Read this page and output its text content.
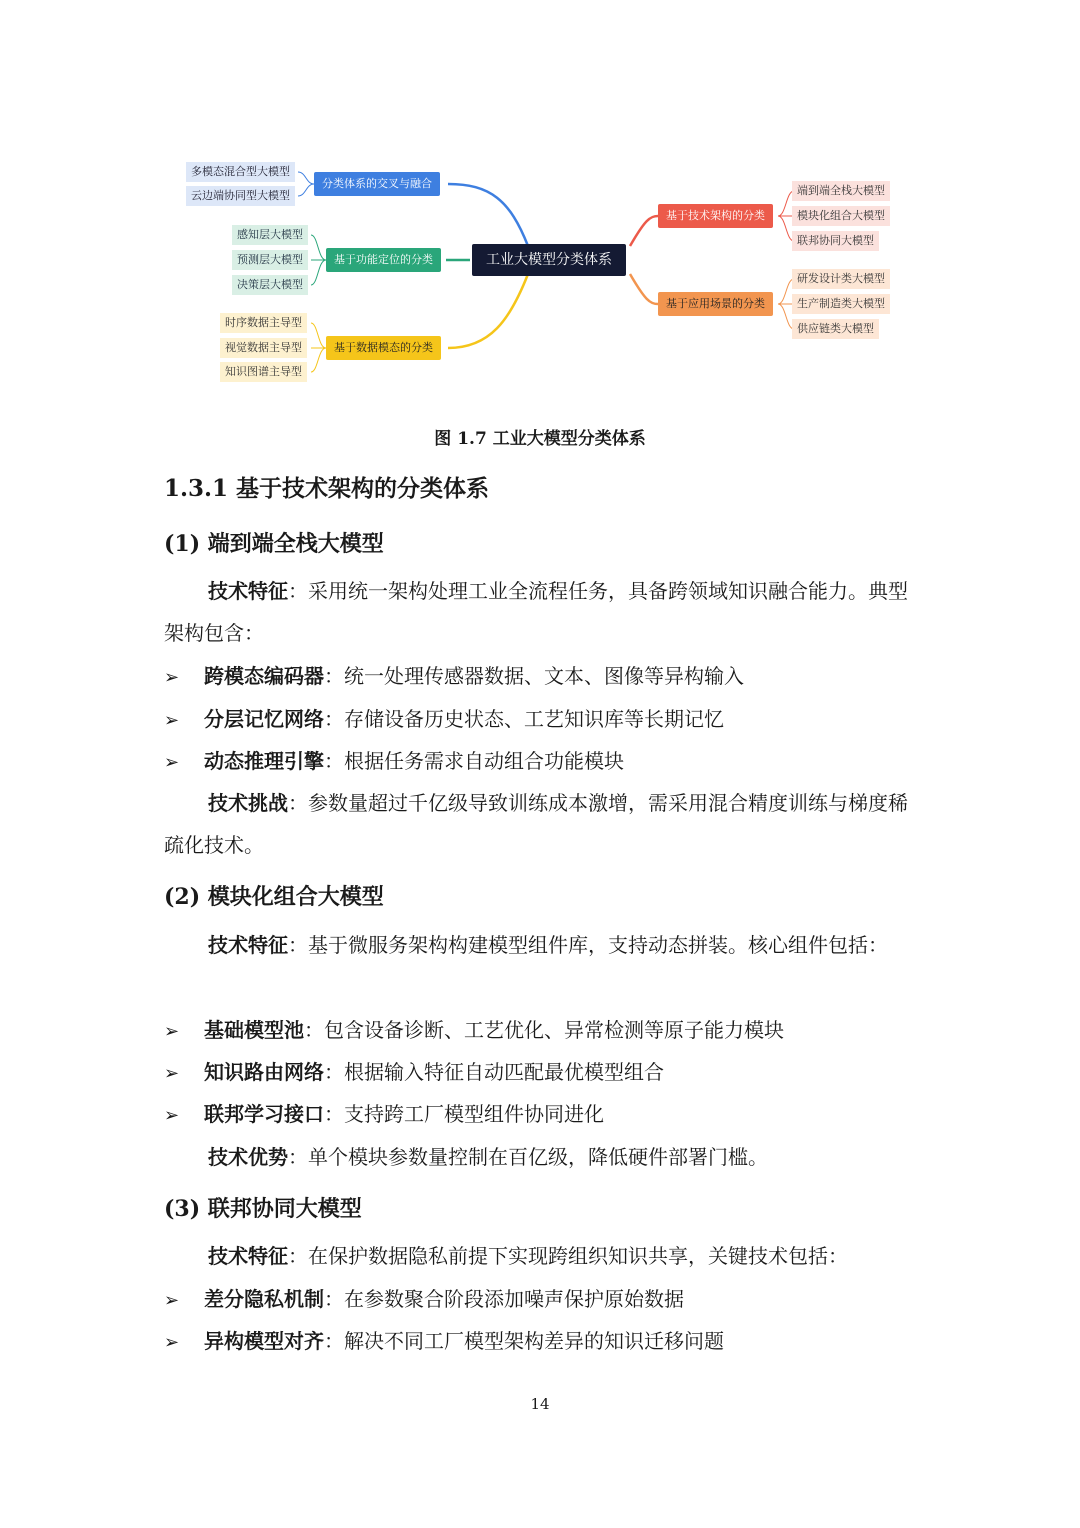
工业大模型分类体系
分类体系的交叉与融合
多模态混合型大模型
云边端协同型大模型
基于功能定位的分类
感知层大模型
预测层大模型
决策层大模型
基于数据模态的分类
时序数据主导型
视觉数据主导型
知识图谱主导型
基于技术架构的分类
端到端全栈大模型
模块化组合大模型
联邦协同大模型
基于应用场景的分类
研发设计类大模型
生产制造类大模型
供应链类大模型
图 1.7 工业大模型分类体系
1.3.1 基于技术架构的分类体系
(1) 端到端全栈大模型

技术特征：采用统一架构处理工业全流程任务，具备跨领域知识融合能力。典型架构包含：

➢ 跨模态编码器：统一处理传感器数据、文本、图像等异构输入
➢ 分层记忆网络：存储设备历史状态、工艺知识库等长期记忆
➢ 动态推理引擎：根据任务需求自动组合功能模块

技术挑战：参数量超过千亿级导致训练成本激增，需采用混合精度训练与梯度稀疏化技术。

(2) 模块化组合大模型

技术特征：基于微服务架构构建模型组件库，支持动态拼装。核心组件包括：

➢ 基础模型池：包含设备诊断、工艺优化、异常检测等原子能力模块
➢ 知识路由网络：根据输入特征自动匹配最优模型组合
➢ 联邦学习接口：支持跨工厂模型组件协同进化

技术优势：单个模块参数量控制在百亿级，降低硬件部署门槛。

(3) 联邦协同大模型

技术特征：在保护数据隐私前提下实现跨组织知识共享，关键技术包括：

➢ 差分隐私机制：在参数聚合阶段添加噪声保护原始数据
➢ 异构模型对齐：解决不同工厂模型架构差异的知识迁移问题
14
